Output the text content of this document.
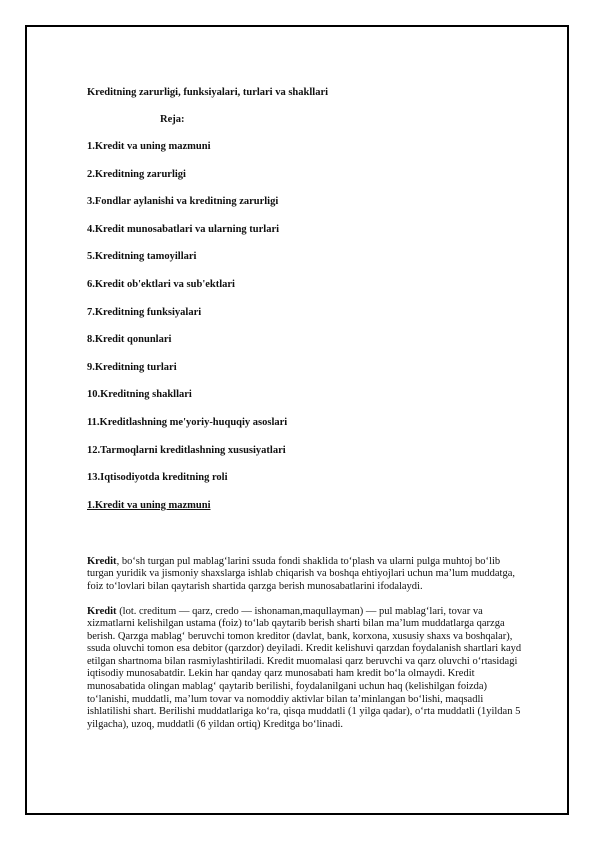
Kreditning zarurligi, funksiyalari, turlari va shakllari

Reja:

1.Kredit va uning mazmuni
2.Kreditning zarurligi
3.Fondlar aylanishi va kreditning zarurligi
4.Kredit munosabatlari va ularning turlari
5.Kreditning tamoyillari
6.Kredit ob'ektlari va sub'ektlari
7.Kreditning funksiyalari
8.Kredit qonunlari
9.Kreditning turlari
10.Kreditning shakllari
11.Kreditlashning me'yoriy-huquqiy asoslari
12.Tarmoqlarni kreditlashning xususiyatlari
13.Iqtisodiyotda kreditning roli

1.Kredit va uning mazmuni

Kredit, bo‘sh turgan pul mablag‘larini ssuda fondi shaklida to‘plash va ularni pulga muhtoj bo‘lib turgan yuridik va jismoniy shaxslarga ishlab chiqarish va boshqa ehtiyojlari uchun ma’lum muddatga, foiz to‘lovlari bilan qaytarish shartida qarzga berish munosabatlarini ifodalaydi.

Kredit (lot. creditum — qarz, credo — ishonaman,maqullayman) — pul mablag‘lari, tovar va xizmatlarni kelishilgan ustama (foiz) to‘lab qaytarib berish sharti bilan ma’lum muddatlarga qarzga berish. Qarzga mablag‘ beruvchi tomon kreditor (davlat, bank, korxona, xususiy shaxs va boshqalar), ssuda oluvchi tomon esa debitor (qarzdor) deyiladi. Kredit kelishuvi qarzdan foydalanish shartlari kayd etilgan shartnoma bilan rasmiylashtiriladi. Kredit muomalasi qarz beruvchi va qarz oluvchi o‘rtasidagi iqtisodiy munosabatdir. Lekin har qanday qarz munosabati ham kredit bo‘la olmaydi. Kredit munosabatida olingan mablag‘ qaytarib berilishi, foydalanilgani uchun haq (kelishilgan foizda) to‘lanishi, muddatli, ma’lum tovar va nomoddiy aktivlar bilan ta’minlangan bo‘lishi, maqsadli ishlatilishi shart. Berilishi muddatlariga ko‘ra, qisqa muddatli (1 yilga qadar), o‘rta muddatli (1yildan 5 yilgacha), uzoq, muddatli (6 yildan ortiq) Kreditga bo‘linadi.
